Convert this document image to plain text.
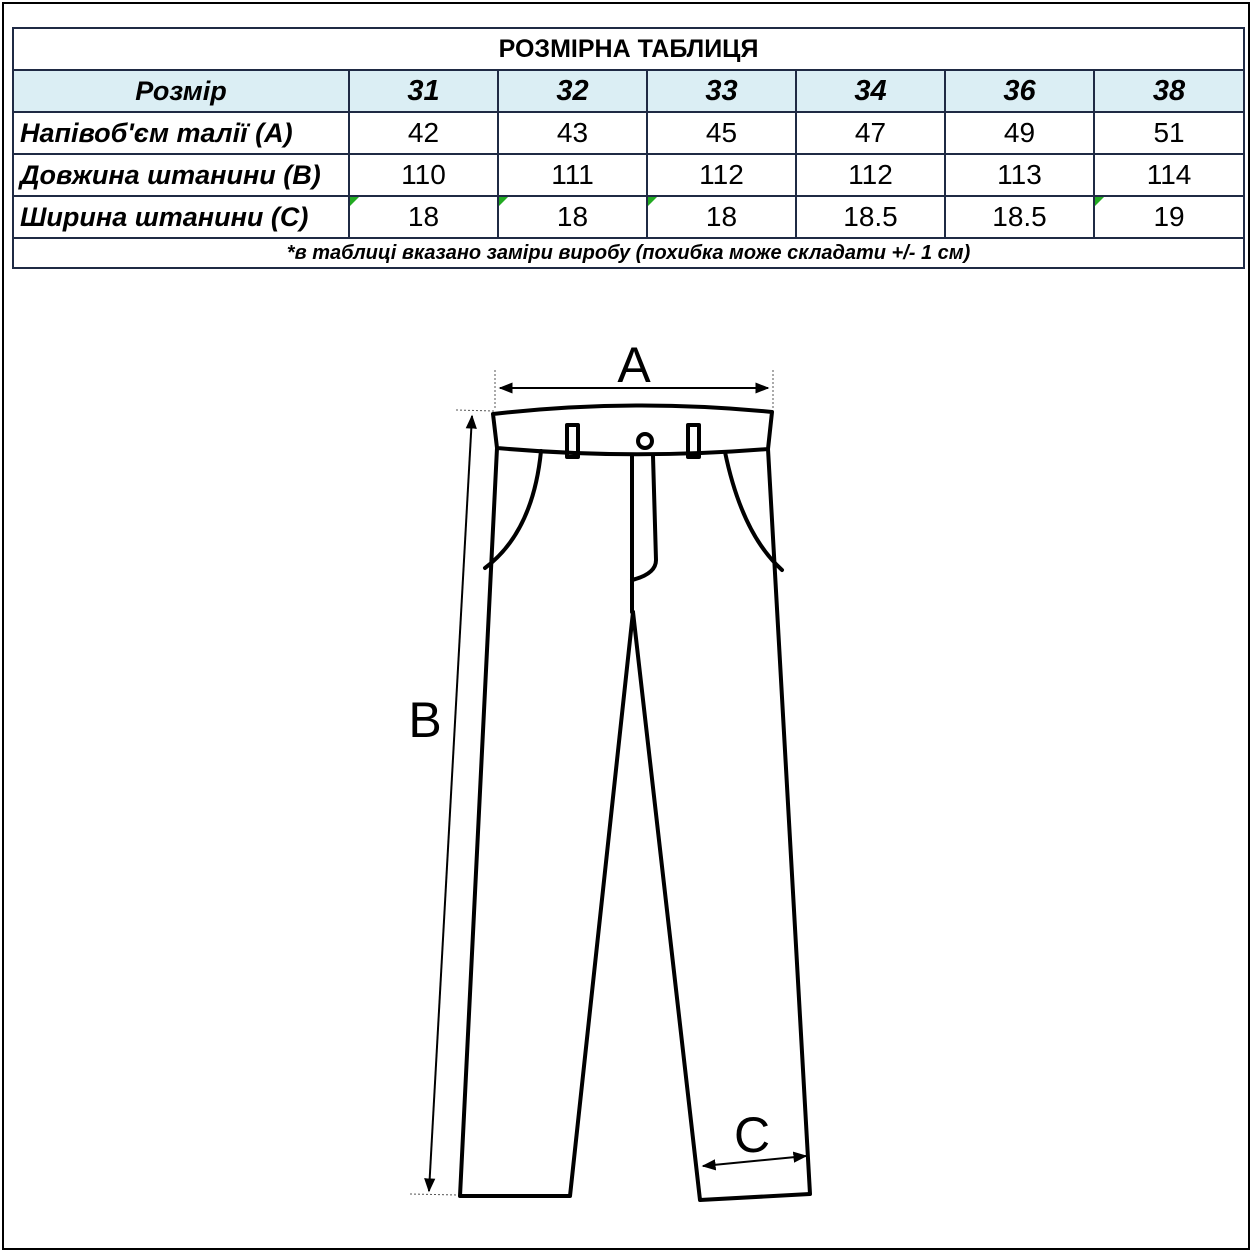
РОЗМІРНА ТАБЛИЦЯ						
Розмір	31	32	33	34	36	38
Напівоб'єм талії (А)	42	43	45	47	49	51
Довжина штанини (В)	110	111	112	112	113	114
Ширина штанини (С)	18	18	18	18.5	18.5	19
*в таблиці вказано заміри виробу (похибка може складати +/- 1 см)						
A
B
C
